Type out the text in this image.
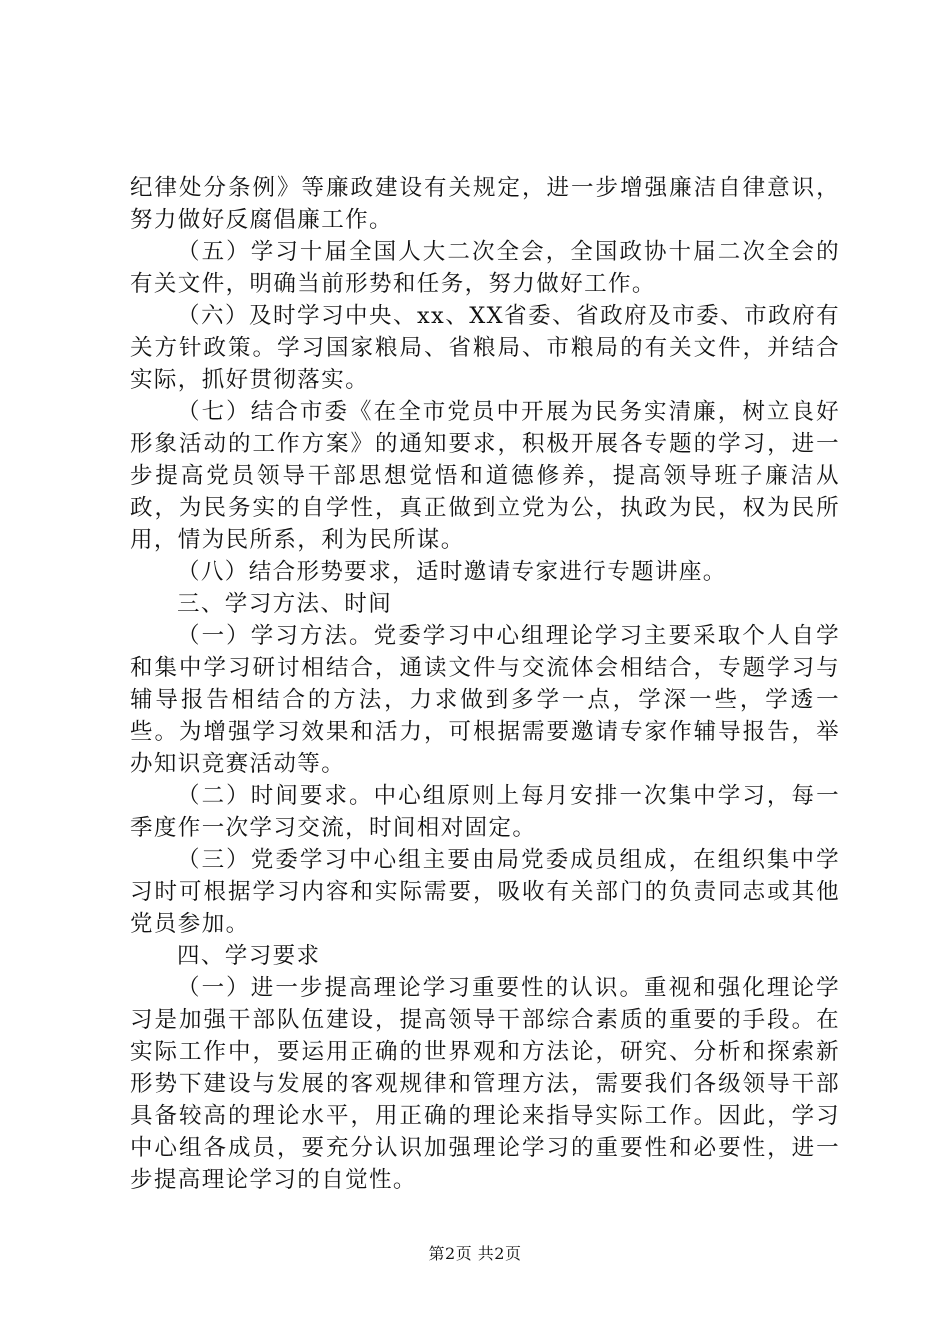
纪律处分条例》等廉政建设有关规定，进一步增强廉洁自律意识，努力做好反腐倡廉工作。

（五）学习十届全国人大二次全会，全国政协十届二次全会的有关文件，明确当前形势和任务，努力做好工作。

（六）及时学习中央、xx、XX省委、省政府及市委、市政府有关方针政策。学习国家粮局、省粮局、市粮局的有关文件，并结合实际，抓好贯彻落实。

（七）结合市委《在全市党员中开展为民务实清廉，树立良好形象活动的工作方案》的通知要求，积极开展各专题的学习，进一步提高党员领导干部思想觉悟和道德修养，提高领导班子廉洁从政，为民务实的自学性，真正做到立党为公，执政为民，权为民所用，情为民所系，利为民所谋。

（八）结合形势要求，适时邀请专家进行专题讲座。

三、学习方法、时间

（一）学习方法。党委学习中心组理论学习主要采取个人自学和集中学习研讨相结合，通读文件与交流体会相结合，专题学习与辅导报告相结合的方法，力求做到多学一点，学深一些，学透一些。为增强学习效果和活力，可根据需要邀请专家作辅导报告，举办知识竞赛活动等。

（二）时间要求。中心组原则上每月安排一次集中学习，每一季度作一次学习交流，时间相对固定。

（三）党委学习中心组主要由局党委成员组成，在组织集中学习时可根据学习内容和实际需要，吸收有关部门的负责同志或其他党员参加。

四、学习要求

（一）进一步提高理论学习重要性的认识。重视和强化理论学习是加强干部队伍建设，提高领导干部综合素质的重要的手段。在实际工作中，要运用正确的世界观和方法论，研究、分析和探索新形势下建设与发展的客观规律和管理方法，需要我们各级领导干部具备较高的理论水平，用正确的理论来指导实际工作。因此，学习中心组各成员，要充分认识加强理论学习的重要性和必要性，进一步提高理论学习的自觉性。

第2页 共2页
